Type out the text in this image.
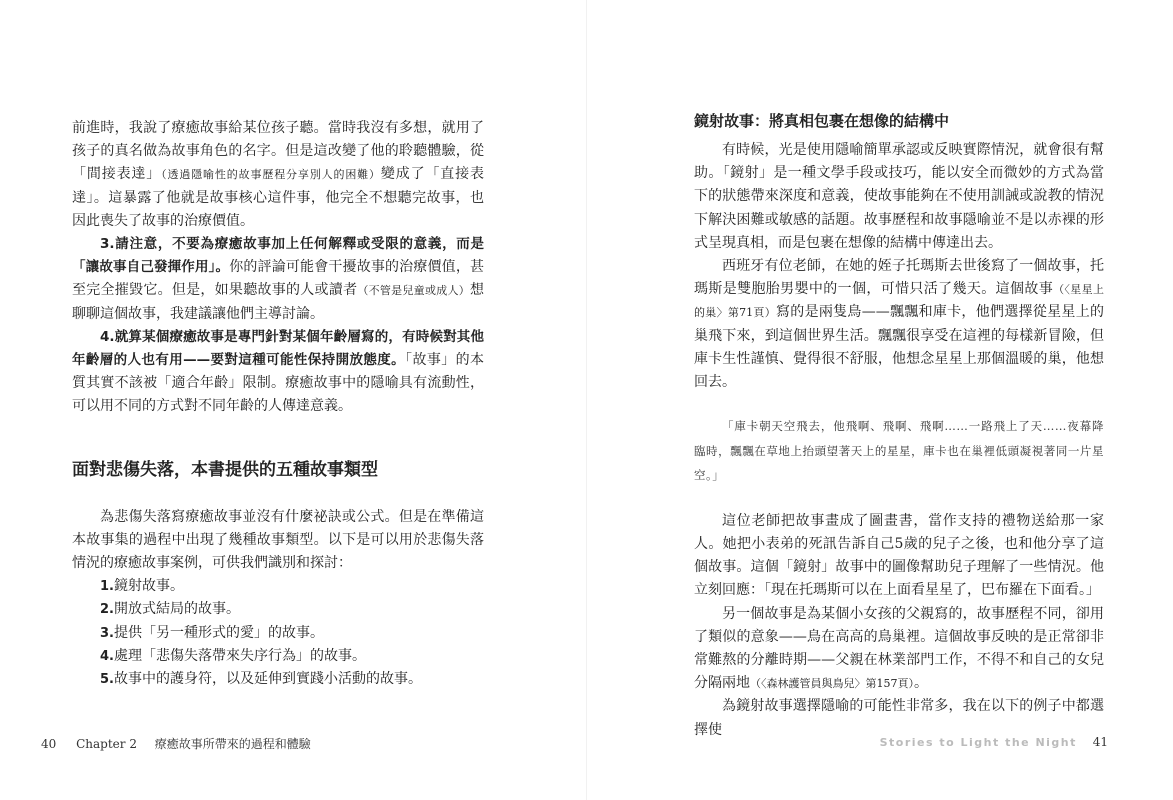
前進時，我說了療癒故事給某位孩子聽。當時我沒有多想，就用了孩子的真名做為故事角色的名字。但是這改變了他的聆聽體驗，從「間接表達」（透過隱喻性的故事歷程分享別人的困難）變成了「直接表達」。這暴露了他就是故事核心這件事，他完全不想聽完故事，也因此喪失了故事的治療價值。

3.請注意，不要為療癒故事加上任何解釋或受限的意義，而是「讓故事自己發揮作用」。你的評論可能會干擾故事的治療價值，甚至完全摧毀它。但是，如果聽故事的人或讀者（不管是兒童或成人）想聊聊這個故事，我建議讓他們主導討論。

4.就算某個療癒故事是專門針對某個年齡層寫的，有時候對其他年齡層的人也有用——要對這種可能性保持開放態度。「故事」的本質其實不該被「適合年齡」限制。療癒故事中的隱喻具有流動性，可以用不同的方式對不同年齡的人傳達意義。

面對悲傷失落，本書提供的五種故事類型

為悲傷失落寫療癒故事並沒有什麼祕訣或公式。但是在準備這本故事集的過程中出現了幾種故事類型。以下是可以用於悲傷失落情況的療癒故事案例，可供我們識別和探討：

1.鏡射故事。
2.開放式結局的故事。
3.提供「另一種形式的愛」的故事。
4.處理「悲傷失落帶來失序行為」的故事。
5.故事中的護身符，以及延伸到實踐小活動的故事。
40 Chapter 2 療癒故事所帶來的過程和體驗
鏡射故事：將真相包裹在想像的結構中

有時候，光是使用隱喻簡單承認或反映實際情況，就會很有幫助。「鏡射」是一種文學手段或技巧，能以安全而微妙的方式為當下的狀態帶來深度和意義，使故事能夠在不使用訓誡或說教的情況下解決困難或敏感的話題。故事歷程和故事隱喻並不是以赤裸的形式呈現真相，而是包裹在想像的結構中傳達出去。

西班牙有位老師，在她的姪子托瑪斯去世後寫了一個故事，托瑪斯是雙胞胎男嬰中的一個，可惜只活了幾天。這個故事（〈星星上的巢〉第71頁）寫的是兩隻鳥——飄飄和庫卡，他們選擇從星星上的巢飛下來，到這個世界生活。飄飄很享受在這裡的每樣新冒險，但庫卡生性謹慎、覺得很不舒服，他想念星星上那個溫暖的巢，他想回去。

「庫卡朝天空飛去，他飛啊、飛啊、飛啊……一路飛上了天……夜幕降臨時，飄飄在草地上抬頭望著天上的星星，庫卡也在巢裡低頭凝視著同一片星空。」

這位老師把故事畫成了圖畫書，當作支持的禮物送給那一家人。她把小表弟的死訊告訴自己5歲的兒子之後，也和他分享了這個故事。這個「鏡射」故事中的圖像幫助兒子理解了一些情況。他立刻回應：「現在托瑪斯可以在上面看星星了，巴布羅在下面看。」

另一個故事是為某個小女孩的父親寫的，故事歷程不同，卻用了類似的意象——鳥在高高的鳥巢裡。這個故事反映的是正常卻非常難熬的分離時期——父親在林業部門工作，不得不和自己的女兒分隔兩地（〈森林護管員與鳥兒〉第157頁）。

為鏡射故事選擇隱喻的可能性非常多，我在以下的例子中都選擇使

Stories to Light the Night 41
